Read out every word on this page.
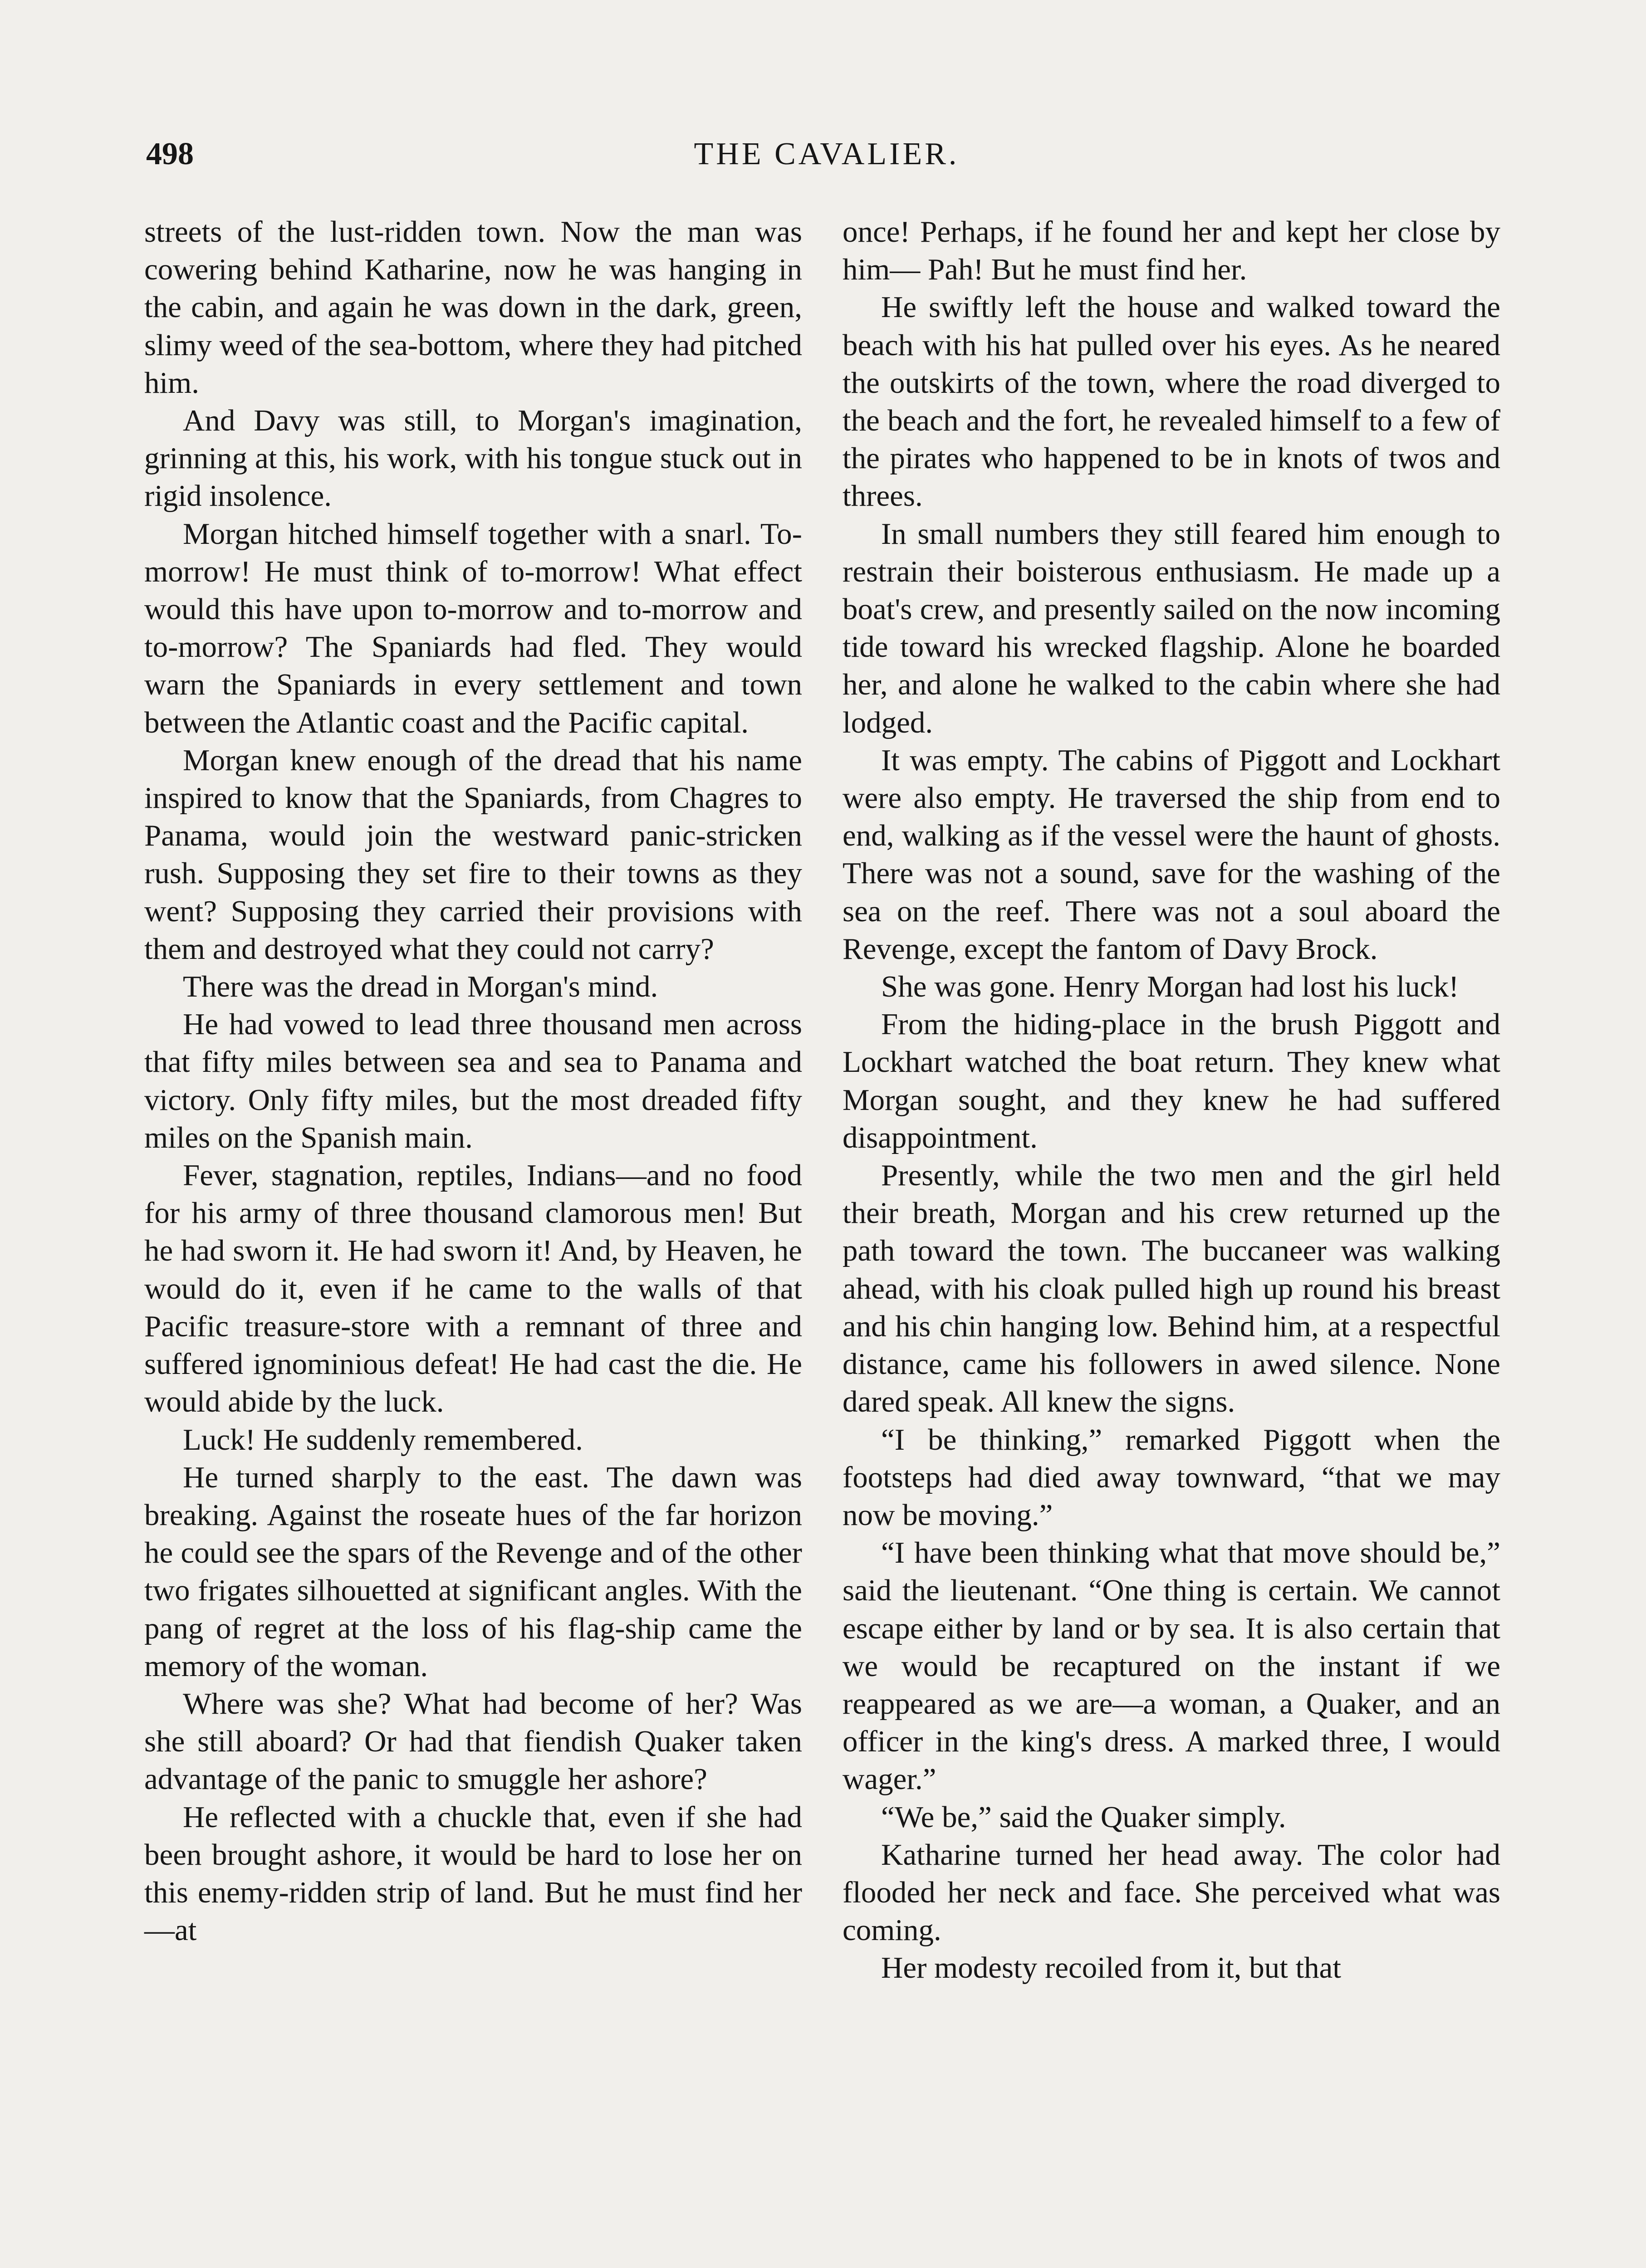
498	THE CAVALIER.

streets of the lust-ridden town. Now the man was cowering behind Katharine, now he was hanging in the cabin, and again he was down in the dark, green, slimy weed of the sea-bottom, where they had pitched him.

And Davy was still, to Morgan's imagination, grinning at this, his work, with his tongue stuck out in rigid insolence.

Morgan hitched himself together with a snarl. To-morrow! He must think of to-morrow! What effect would this have upon to-morrow and to-morrow and to-morrow? The Spaniards had fled. They would warn the Spaniards in every settlement and town between the Atlantic coast and the Pacific capital.

Morgan knew enough of the dread that his name inspired to know that the Spaniards, from Chagres to Panama, would join the westward panic-stricken rush. Supposing they set fire to their towns as they went? Supposing they carried their provisions with them and destroyed what they could not carry?

There was the dread in Morgan's mind.

He had vowed to lead three thousand men across that fifty miles between sea and sea to Panama and victory. Only fifty miles, but the most dreaded fifty miles on the Spanish main.

Fever, stagnation, reptiles, Indians—and no food for his army of three thousand clamorous men! But he had sworn it. He had sworn it! And, by Heaven, he would do it, even if he came to the walls of that Pacific treasure-store with a remnant of three and suffered ignominious defeat! He had cast the die. He would abide by the luck.

Luck! He suddenly remembered.

He turned sharply to the east. The dawn was breaking. Against the roseate hues of the far horizon he could see the spars of the Revenge and of the other two frigates silhouetted at significant angles. With the pang of regret at the loss of his flag-ship came the memory of the woman.

Where was she? What had become of her? Was she still aboard? Or had that fiendish Quaker taken advantage of the panic to smuggle her ashore?

He reflected with a chuckle that, even if she had been brought ashore, it would be hard to lose her on this enemy-ridden strip of land. But he must find her—at

once! Perhaps, if he found her and kept her close by him— Pah! But he must find her.

He swiftly left the house and walked toward the beach with his hat pulled over his eyes. As he neared the outskirts of the town, where the road diverged to the beach and the fort, he revealed himself to a few of the pirates who happened to be in knots of twos and threes.

In small numbers they still feared him enough to restrain their boisterous enthusiasm. He made up a boat's crew, and presently sailed on the now incoming tide toward his wrecked flagship. Alone he boarded her, and alone he walked to the cabin where she had lodged.

It was empty. The cabins of Piggott and Lockhart were also empty. He traversed the ship from end to end, walking as if the vessel were the haunt of ghosts. There was not a sound, save for the washing of the sea on the reef. There was not a soul aboard the Revenge, except the fantom of Davy Brock.

She was gone. Henry Morgan had lost his luck!

From the hiding-place in the brush Piggott and Lockhart watched the boat return. They knew what Morgan sought, and they knew he had suffered disappointment.

Presently, while the two men and the girl held their breath, Morgan and his crew returned up the path toward the town. The buccaneer was walking ahead, with his cloak pulled high up round his breast and his chin hanging low. Behind him, at a respectful distance, came his followers in awed silence. None dared speak. All knew the signs.

“I be thinking,” remarked Piggott when the footsteps had died away townward, “that we may now be moving.”

“I have been thinking what that move should be,” said the lieutenant. “One thing is certain. We cannot escape either by land or by sea. It is also certain that we would be recaptured on the instant if we reappeared as we are—a woman, a Quaker, and an officer in the king's dress. A marked three, I would wager.”

“We be,” said the Quaker simply.

Katharine turned her head away. The color had flooded her neck and face. She perceived what was coming.

Her modesty recoiled from it, but that
